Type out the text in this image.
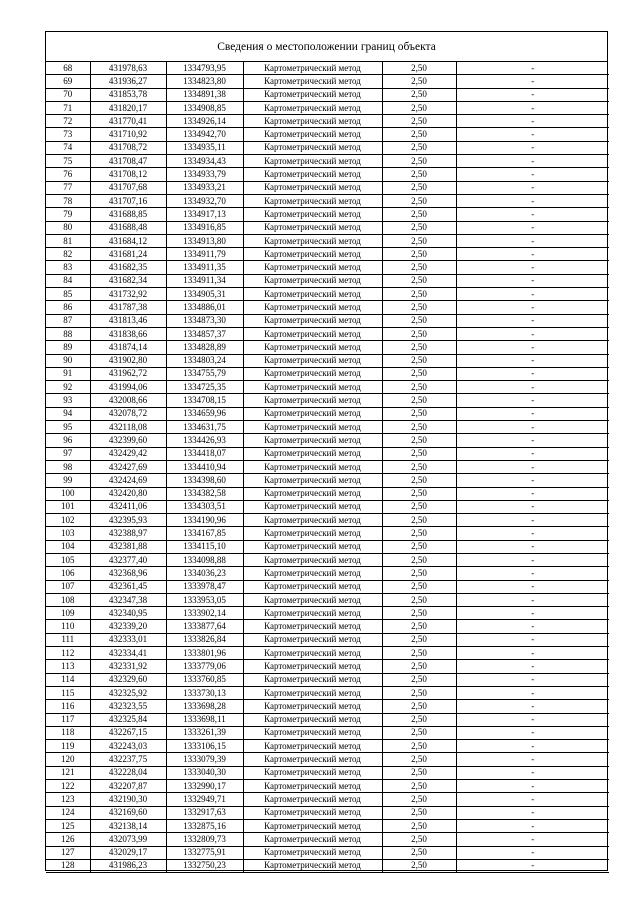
Сведения о местоположении границ объекта
68	431978,63	1334793,95	Картометрический метод	2,50	-
69	431936,27	1334823,80	Картометрический метод	2,50	-
70	431853,78	1334891,38	Картометрический метод	2,50	-
71	431820,17	1334908,85	Картометрический метод	2,50	-
72	431770,41	1334926,14	Картометрический метод	2,50	-
73	431710,92	1334942,70	Картометрический метод	2,50	-
74	431708,72	1334935,11	Картометрический метод	2,50	-
75	431708,47	1334934,43	Картометрический метод	2,50	-
76	431708,12	1334933,79	Картометрический метод	2,50	-
77	431707,68	1334933,21	Картометрический метод	2,50	-
78	431707,16	1334932,70	Картометрический метод	2,50	-
79	431688,85	1334917,13	Картометрический метод	2,50	-
80	431688,48	1334916,85	Картометрический метод	2,50	-
81	431684,12	1334913,80	Картометрический метод	2,50	-
82	431681,24	1334911,79	Картометрический метод	2,50	-
83	431682,35	1334911,35	Картометрический метод	2,50	-
84	431682,34	1334911,34	Картометрический метод	2,50	-
85	431732,92	1334905,31	Картометрический метод	2,50	-
86	431787,38	1334886,01	Картометрический метод	2,50	-
87	431813,46	1334873,30	Картометрический метод	2,50	-
88	431838,66	1334857,37	Картометрический метод	2,50	-
89	431874,14	1334828,89	Картометрический метод	2,50	-
90	431902,80	1334803,24	Картометрический метод	2,50	-
91	431962,72	1334755,79	Картометрический метод	2,50	-
92	431994,06	1334725,35	Картометрический метод	2,50	-
93	432008,66	1334708,15	Картометрический метод	2,50	-
94	432078,72	1334659,96	Картометрический метод	2,50	-
95	432118,08	1334631,75	Картометрический метод	2,50	-
96	432399,60	1334426,93	Картометрический метод	2,50	-
97	432429,42	1334418,07	Картометрический метод	2,50	-
98	432427,69	1334410,94	Картометрический метод	2,50	-
99	432424,69	1334398,60	Картометрический метод	2,50	-
100	432420,80	1334382,58	Картометрический метод	2,50	-
101	432411,06	1334303,51	Картометрический метод	2,50	-
102	432395,93	1334190,96	Картометрический метод	2,50	-
103	432388,97	1334167,85	Картометрический метод	2,50	-
104	432381,88	1334115,10	Картометрический метод	2,50	-
105	432377,40	1334098,88	Картометрический метод	2,50	-
106	432368,96	1334036,23	Картометрический метод	2,50	-
107	432361,45	1333978,47	Картометрический метод	2,50	-
108	432347,38	1333953,05	Картометрический метод	2,50	-
109	432340,95	1333902,14	Картометрический метод	2,50	-
110	432339,20	1333877,64	Картометрический метод	2,50	-
111	432333,01	1333826,84	Картометрический метод	2,50	-
112	432334,41	1333801,96	Картометрический метод	2,50	-
113	432331,92	1333779,06	Картометрический метод	2,50	-
114	432329,60	1333760,85	Картометрический метод	2,50	-
115	432325,92	1333730,13	Картометрический метод	2,50	-
116	432323,55	1333698,28	Картометрический метод	2,50	-
117	432325,84	1333698,11	Картометрический метод	2,50	-
118	432267,15	1333261,39	Картометрический метод	2,50	-
119	432243,03	1333106,15	Картометрический метод	2,50	-
120	432237,75	1333079,39	Картометрический метод	2,50	-
121	432228,04	1333040,30	Картометрический метод	2,50	-
122	432207,87	1332990,17	Картометрический метод	2,50	-
123	432190,30	1332949,71	Картометрический метод	2,50	-
124	432169,60	1332917,63	Картометрический метод	2,50	-
125	432138,14	1332875,16	Картометрический метод	2,50	-
126	432073,99	1332809,73	Картометрический метод	2,50	-
127	432029,17	1332775,91	Картометрический метод	2,50	-
128	431986,23	1332750,23	Картометрический метод	2,50	-
